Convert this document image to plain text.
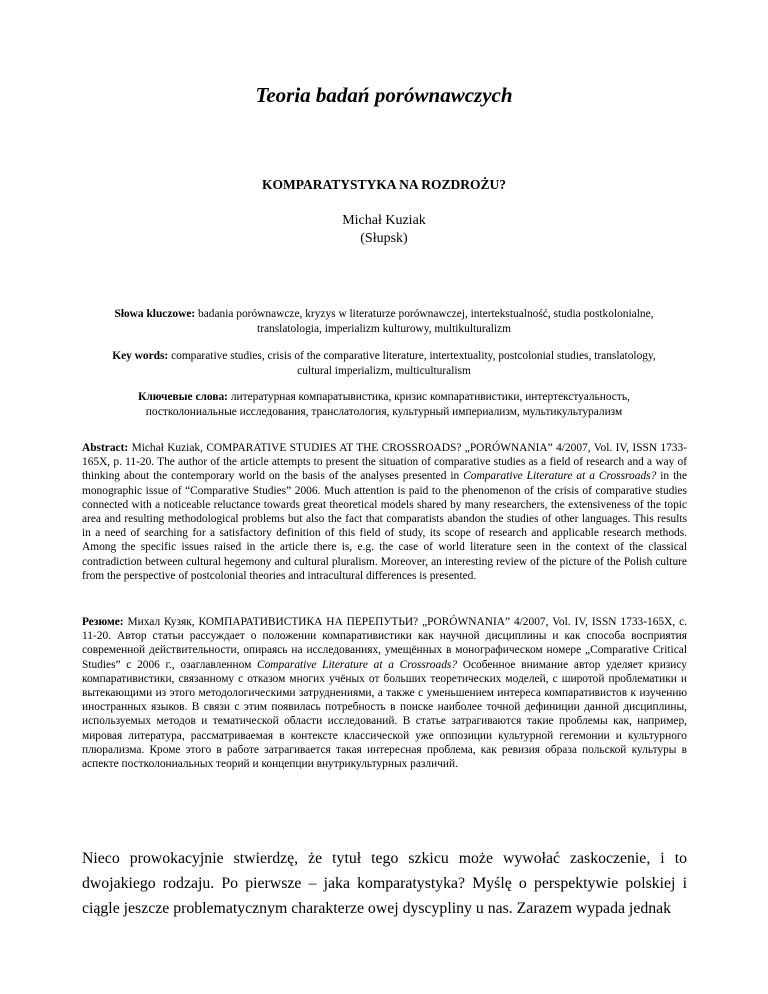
Teoria badań porównawczych
KOMPARATYSTYKA NA ROZDROŻU?
Michał Kuziak
(Słupsk)

Słowa kluczowe: badania porównawcze, kryzys w literaturze porównawczej, intertekstualność, studia postkolonialne, translatologia, imperializm kulturowy, multikulturalizm

Key words: comparative studies, crisis of the comparative literature, intertextuality, postcolonial studies, translatology, cultural imperializm, multiculturalism

Ключевые слова: литературная компаратывистика, кризис компаративистики, интертекстуальность, постколониальные исследования, транслатология, культурный империализм, мультикультурализм

Abstract: Michał Kuziak, COMPARATIVE STUDIES AT THE CROSSROADS? „PORÓWNANIA” 4/2007, Vol. IV, ISSN 1733-165X, p. 11-20. The author of the article attempts to present the situation of comparative studies as a field of research and a way of thinking about the contemporary world on the basis of the analyses presented in Comparative Literature at a Crossroads? in the monographic issue of “Comparative Studies” 2006. Much attention is paid to the phenomenon of the crisis of comparative studies connected with a noticeable reluctance towards great theoretical models shared by many researchers, the extensiveness of the topic area and resulting methodological problems but also the fact that comparatists abandon the studies of other languages. This results in a need of searching for a satisfactory definition of this field of study, its scope of research and applicable research methods. Among the specific issues raised in the article there is, e.g. the case of world literature seen in the context of the classical contradiction between cultural hegemony and cultural pluralism. Moreover, an interesting review of the picture of the Polish culture from the perspective of postcolonial theories and intracultural differences is presented.

Резюме: Михал Кузяк, КОМПАРАТИВИСТИКА НА ПЕРЕПУТЬИ? „PORÓWNANIA” 4/2007, Vol. IV, ISSN 1733-165X, с. 11-20. Автор статьи рассуждает о положении компаративистики как научной дисциплины и как способа восприятия современной действительности, опираясь на исследованиях, умещённых в монографическом номере „Comparative Critical Studies” с 2006 г., озаглавленном Comparative Literature at a Crossroads? Особенное внимание автор уделяет кризису компаративистики, связанному с отказом многих учёных от больших теоретических моделей, с широтой проблематики и вытекающими из этого методологическими затруднениями, а также с уменьшением интереса компаративистов к изучению иностранных языков. В связи с этим появилась потребность в поиске наиболее точной дефиниции данной дисциплины, используемых методов и тематической области исследований. В статье затрагиваются такие проблемы как, например, мировая литература, рассматриваемая в контексте классической уже оппозиции культурной гегемонии и культурного плюрализма. Кроме этого в работе затрагивается такая интересная проблема, как ревизия образа польской культуры в аспекте постколониальных теорий и концепции внутрикультурных различий.

Nieco prowokacyjnie stwierdzę, że tytuł tego szkicu może wywołać zaskoczenie, i to dwojakiego rodzaju. Po pierwsze – jaka komparatystyka? Myślę o perspektywie polskiej i ciągle jeszcze problematycznym charakterze owej dyscypliny u nas. Zarazem wypada jednak
